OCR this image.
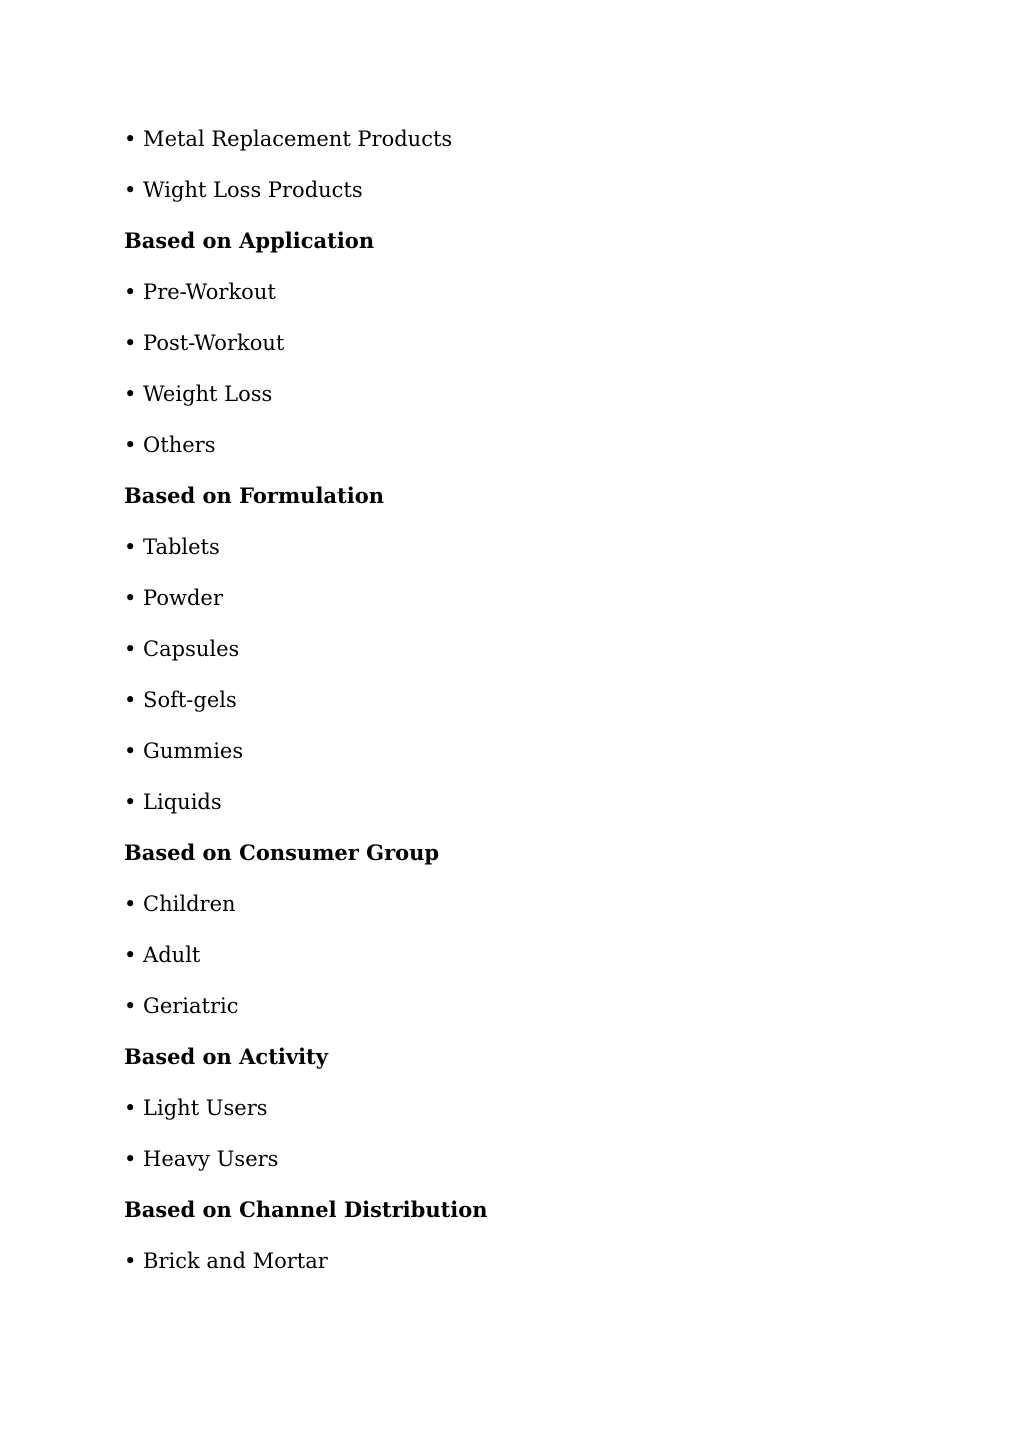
• Metal Replacement Products
• Wight Loss Products
Based on Application
• Pre-Workout
• Post-Workout
• Weight Loss
• Others
Based on Formulation
• Tablets
• Powder
• Capsules
• Soft-gels
• Gummies
• Liquids
Based on Consumer Group
• Children
• Adult
• Geriatric
Based on Activity
• Light Users
• Heavy Users
Based on Channel Distribution
• Brick and Mortar
